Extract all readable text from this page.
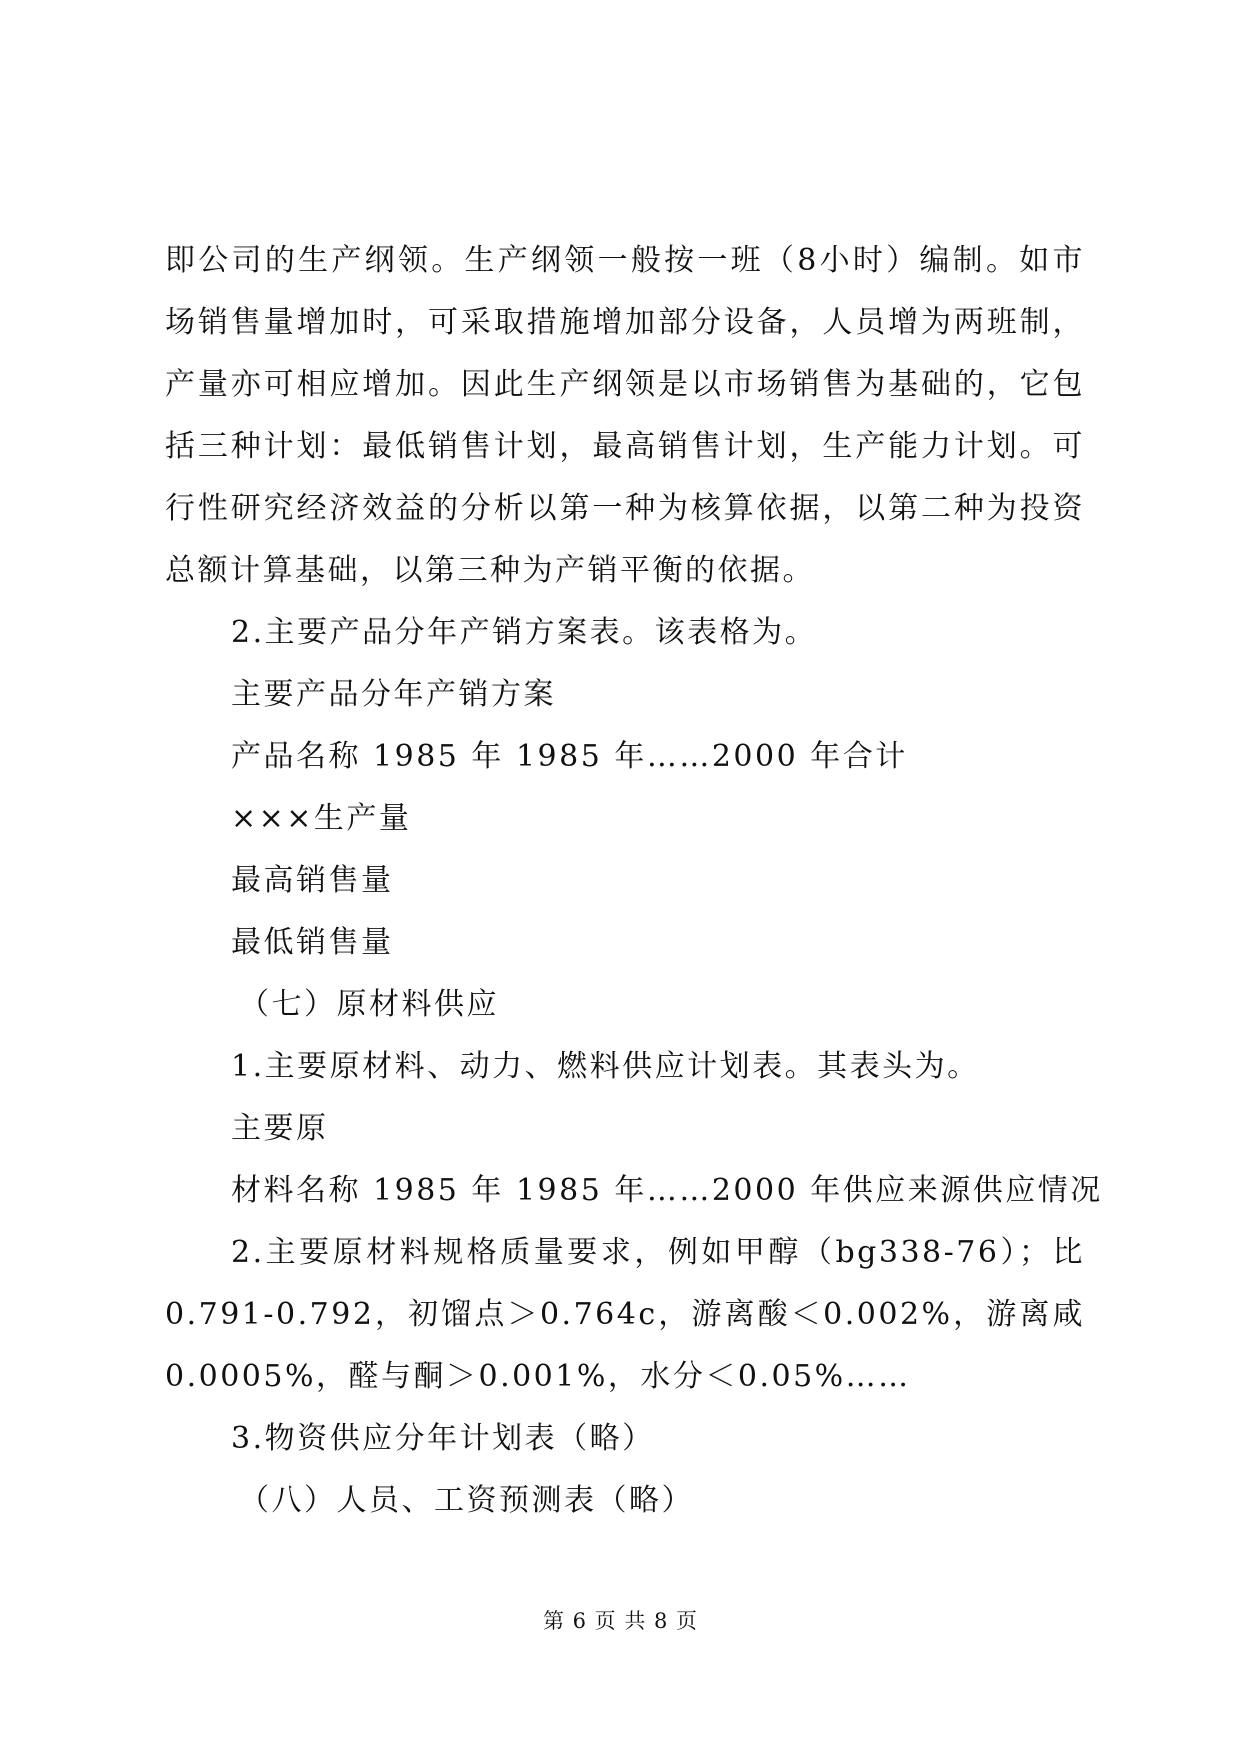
即公司的生产纲领。生产纲领一般按一班（8小时）编制。如市
场销售量增加时，可采取措施增加部分设备，人员增为两班制，
产量亦可相应增加。因此生产纲领是以市场销售为基础的，它包
括三种计划：最低销售计划，最高销售计划，生产能力计划。可
行性研究经济效益的分析以第一种为核算依据，以第二种为投资
总额计算基础，以第三种为产销平衡的依据。
2.主要产品分年产销方案表。该表格为。
主要产品分年产销方案
产品名称 1985 年 1985 年……2000 年合计
×××生产量
最高销售量
最低销售量
（七）原材料供应
1.主要原材料、动力、燃料供应计划表。其表头为。
主要原
材料名称 1985 年 1985 年……2000 年供应来源供应情况
2.主要原材料规格质量要求，例如甲醇（bg338-76）；比
0.791-0.792，初馏点＞0.764c，游离酸＜0.002%，游离咸
0.0005%，醛与酮＞0.001%，水分＜0.05%……
3.物资供应分年计划表（略）
（八）人员、工资预测表（略）
第 6 页 共 8 页
